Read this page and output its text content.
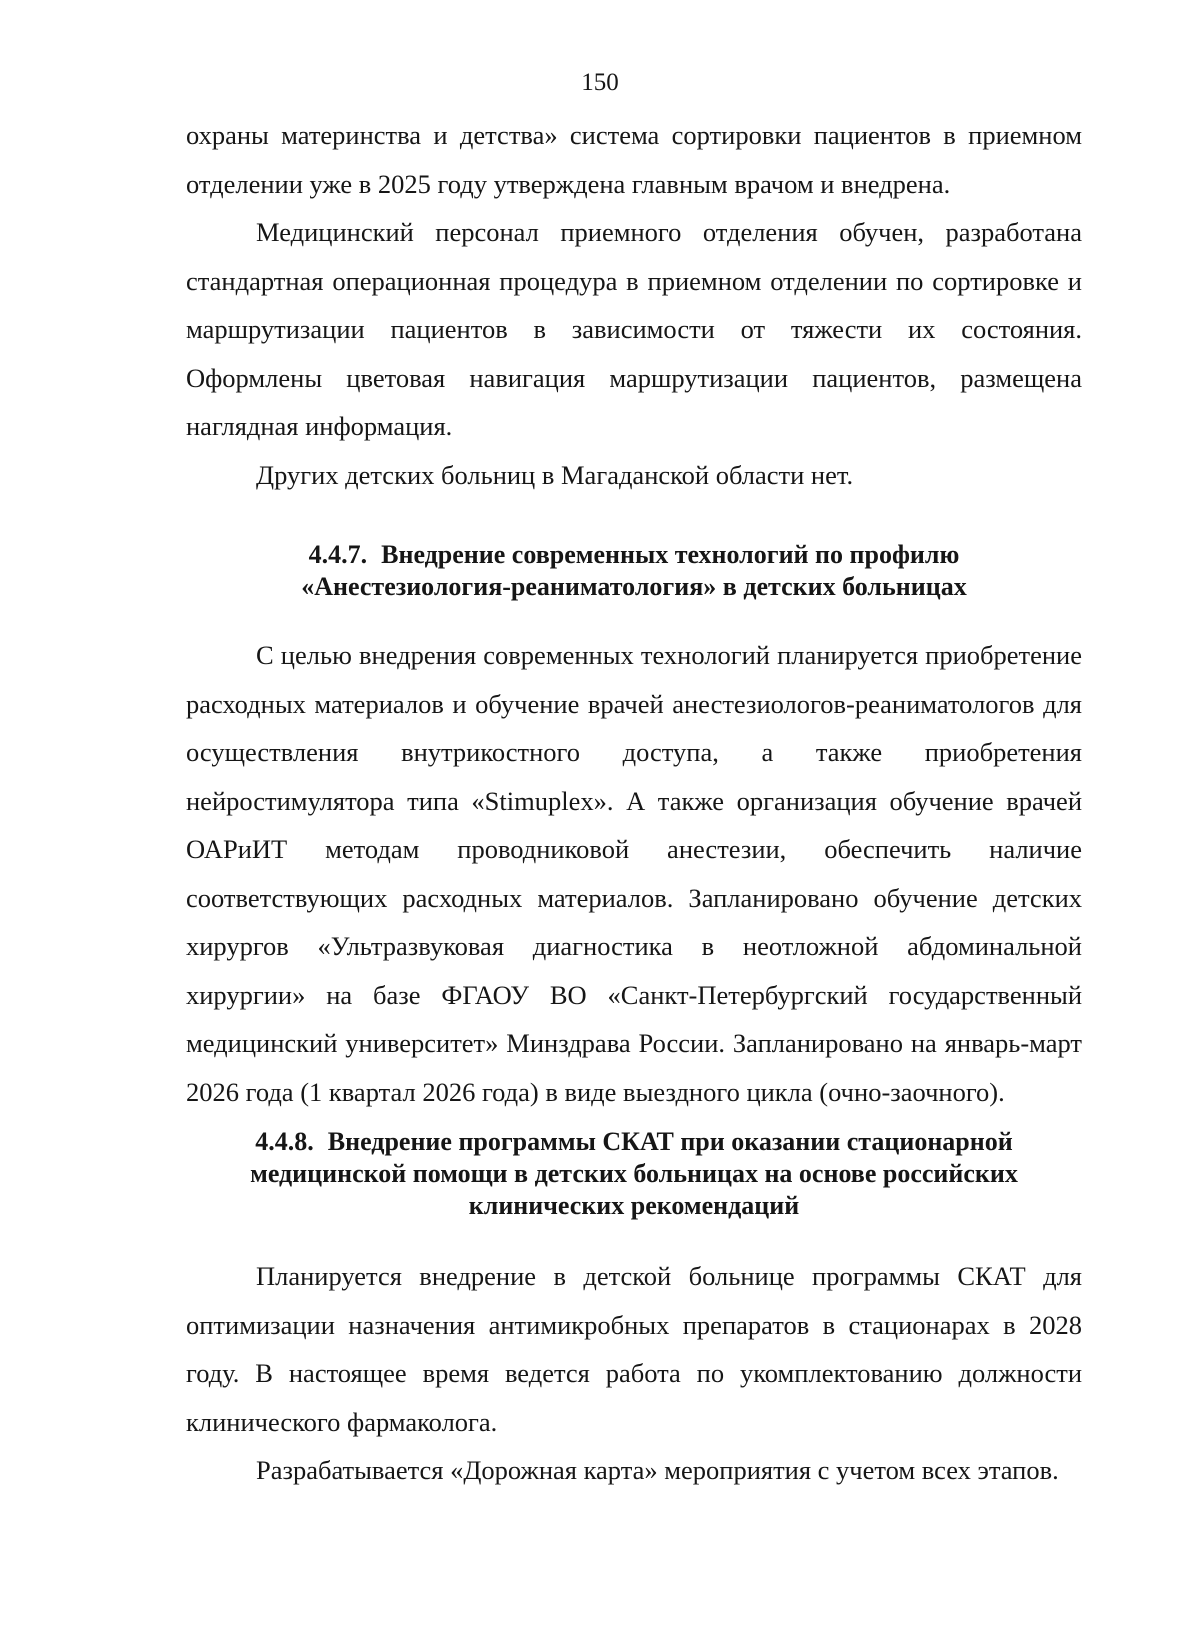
150

охраны материнства и детства» система сортировки пациентов в приемном отделении уже в 2025 году утверждена главным врачом и внедрена.

Медицинский персонал приемного отделения обучен, разработана стандартная операционная процедура в приемном отделении по сортировке и маршрутизации пациентов в зависимости от тяжести их состояния. Оформлены цветовая навигация маршрутизации пациентов, размещена наглядная информация.

Других детских больниц в Магаданской области нет.

4.4.7. Внедрение современных технологий по профилю
«Анестезиология-реаниматология» в детских больницах

С целью внедрения современных технологий планируется приобретение расходных материалов и обучение врачей анестезиологов-реаниматологов для осуществления внутрикостного доступа, а также приобретения нейростимулятора типа «Stimuplex». А также организация обучение врачей ОАРиИТ методам проводниковой анестезии, обеспечить наличие соответствующих расходных материалов. Запланировано обучение детских хирургов «Ультразвуковая диагностика в неотложной абдоминальной хирургии» на базе ФГАОУ ВО «Санкт-Петербургский государственный медицинский университет» Минздрава России. Запланировано на январь-март 2026 года (1 квартал 2026 года) в виде выездного цикла (очно-заочного).

4.4.8. Внедрение программы СКАТ при оказании стационарной
медицинской помощи в детских больницах на основе российских
клинических рекомендаций

Планируется внедрение в детской больнице программы СКАТ для оптимизации назначения антимикробных препаратов в стационарах в 2028 году. В настоящее время ведется работа по укомплектованию должности клинического фармаколога.

Разрабатывается «Дорожная карта» мероприятия с учетом всех этапов.
